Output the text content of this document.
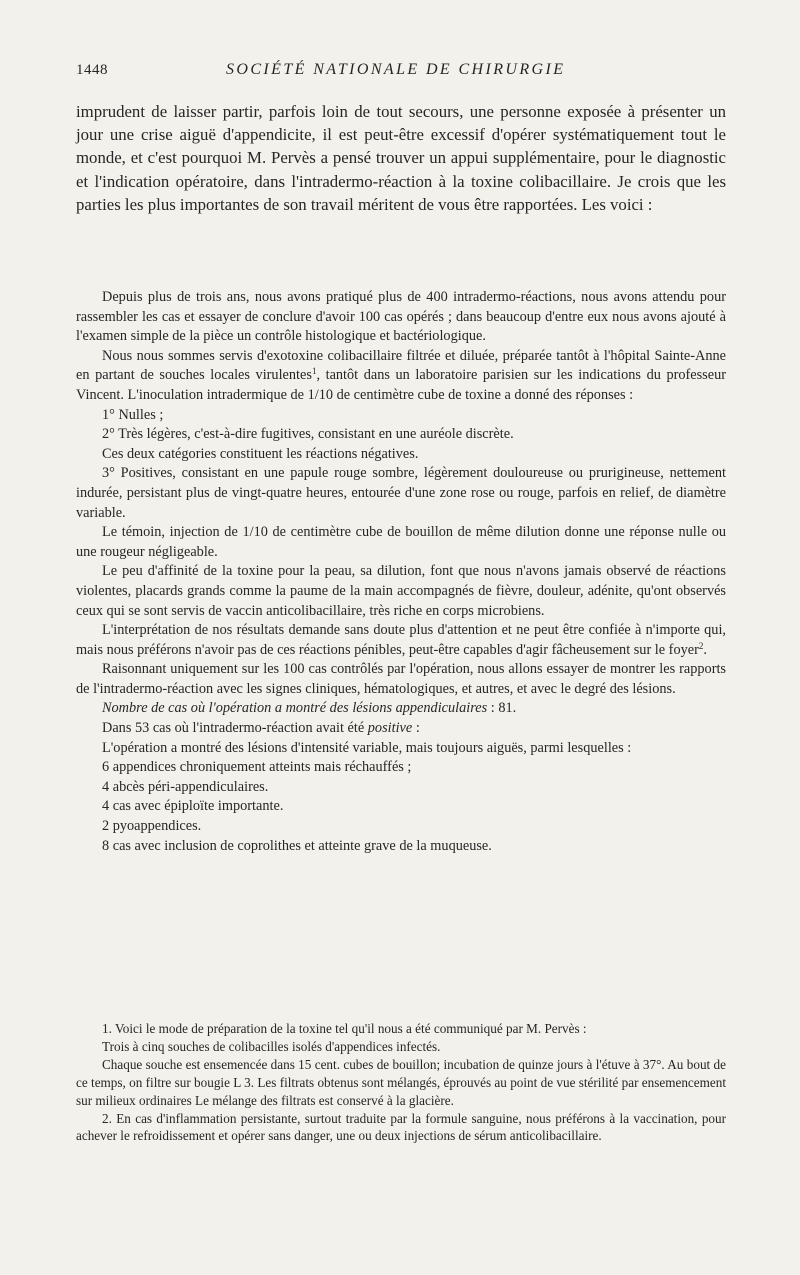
1448	SOCIÉTÉ NATIONALE DE CHIRURGIE

imprudent de laisser partir, parfois loin de tout secours, une personne exposée à présenter un jour une crise aiguë d'appendicite, il est peut-être excessif d'opérer systématiquement tout le monde, et c'est pourquoi M. Pervès a pensé trouver un appui supplémentaire, pour le diagnostic et l'indication opératoire, dans l'intradermo-réaction à la toxine colibacillaire. Je crois que les parties les plus importantes de son travail méritent de vous être rapportées. Les voici :

Depuis plus de trois ans, nous avons pratiqué plus de 400 intradermo-réactions, nous avons attendu pour rassembler les cas et essayer de conclure d'avoir 100 cas opérés ; dans beaucoup d'entre eux nous avons ajouté à l'examen simple de la pièce un contrôle histologique et bactériologique.

Nous nous sommes servis d'exotoxine colibacillaire filtrée et diluée, préparée tantôt à l'hôpital Sainte-Anne en partant de souches locales virulentes$^1$, tantôt dans un laboratoire parisien sur les indications du professeur Vincent. L'inoculation intradermique de 1/10 de centimètre cube de toxine a donné des réponses :

1° Nulles ;

2° Très légères, c'est-à-dire fugitives, consistant en une auréole discrète.

Ces deux catégories constituent les réactions négatives.

3° Positives, consistant en une papule rouge sombre, légèrement douloureuse ou prurigineuse, nettement indurée, persistant plus de vingt-quatre heures, entourée d'une zone rose ou rouge, parfois en relief, de diamètre variable.

Le témoin, injection de 1/10 de centimètre cube de bouillon de même dilution donne une réponse nulle ou une rougeur négligeable.

Le peu d'affinité de la toxine pour la peau, sa dilution, font que nous n'avons jamais observé de réactions violentes, placards grands comme la paume de la main accompagnés de fièvre, douleur, adénite, qu'ont observés ceux qui se sont servis de vaccin anticolibacillaire, très riche en corps microbiens.

L'interprétation de nos résultats demande sans doute plus d'attention et ne peut être confiée à n'importe qui, mais nous préférons n'avoir pas de ces réactions pénibles, peut-être capables d'agir fâcheusement sur le foyer$^2$.

Raisonnant uniquement sur les 100 cas contrôlés par l'opération, nous allons essayer de montrer les rapports de l'intradermo-réaction avec les signes cliniques, hématologiques, et autres, et avec le degré des lésions.

Nombre de cas où l'opération a montré des lésions appendiculaires : 81.

Dans 53 cas où l'intradermo-réaction avait été positive :

L'opération a montré des lésions d'intensité variable, mais toujours aiguës, parmi lesquelles :

6 appendices chroniquement atteints mais réchauffés ;

4 abcès péri-appendiculaires.

4 cas avec épiploïte importante.

2 pyoappendices.

8 cas avec inclusion de coprolithes et atteinte grave de la muqueuse.

1. Voici le mode de préparation de la toxine tel qu'il nous a été communiqué par M. Pervès :

Trois à cinq souches de colibacilles isolés d'appendices infectés.

Chaque souche est ensemencée dans 15 cent. cubes de bouillon; incubation de quinze jours à l'étuve à 37°. Au bout de ce temps, on filtre sur bougie L 3. Les filtrats obtenus sont mélangés, éprouvés au point de vue stérilité par ensemencement sur milieux ordinaires Le mélange des filtrats est conservé à la glacière.

2. En cas d'inflammation persistante, surtout traduite par la formule sanguine, nous préférons à la vaccination, pour achever le refroidissement et opérer sans danger, une ou deux injections de sérum anticolibacillaire.
